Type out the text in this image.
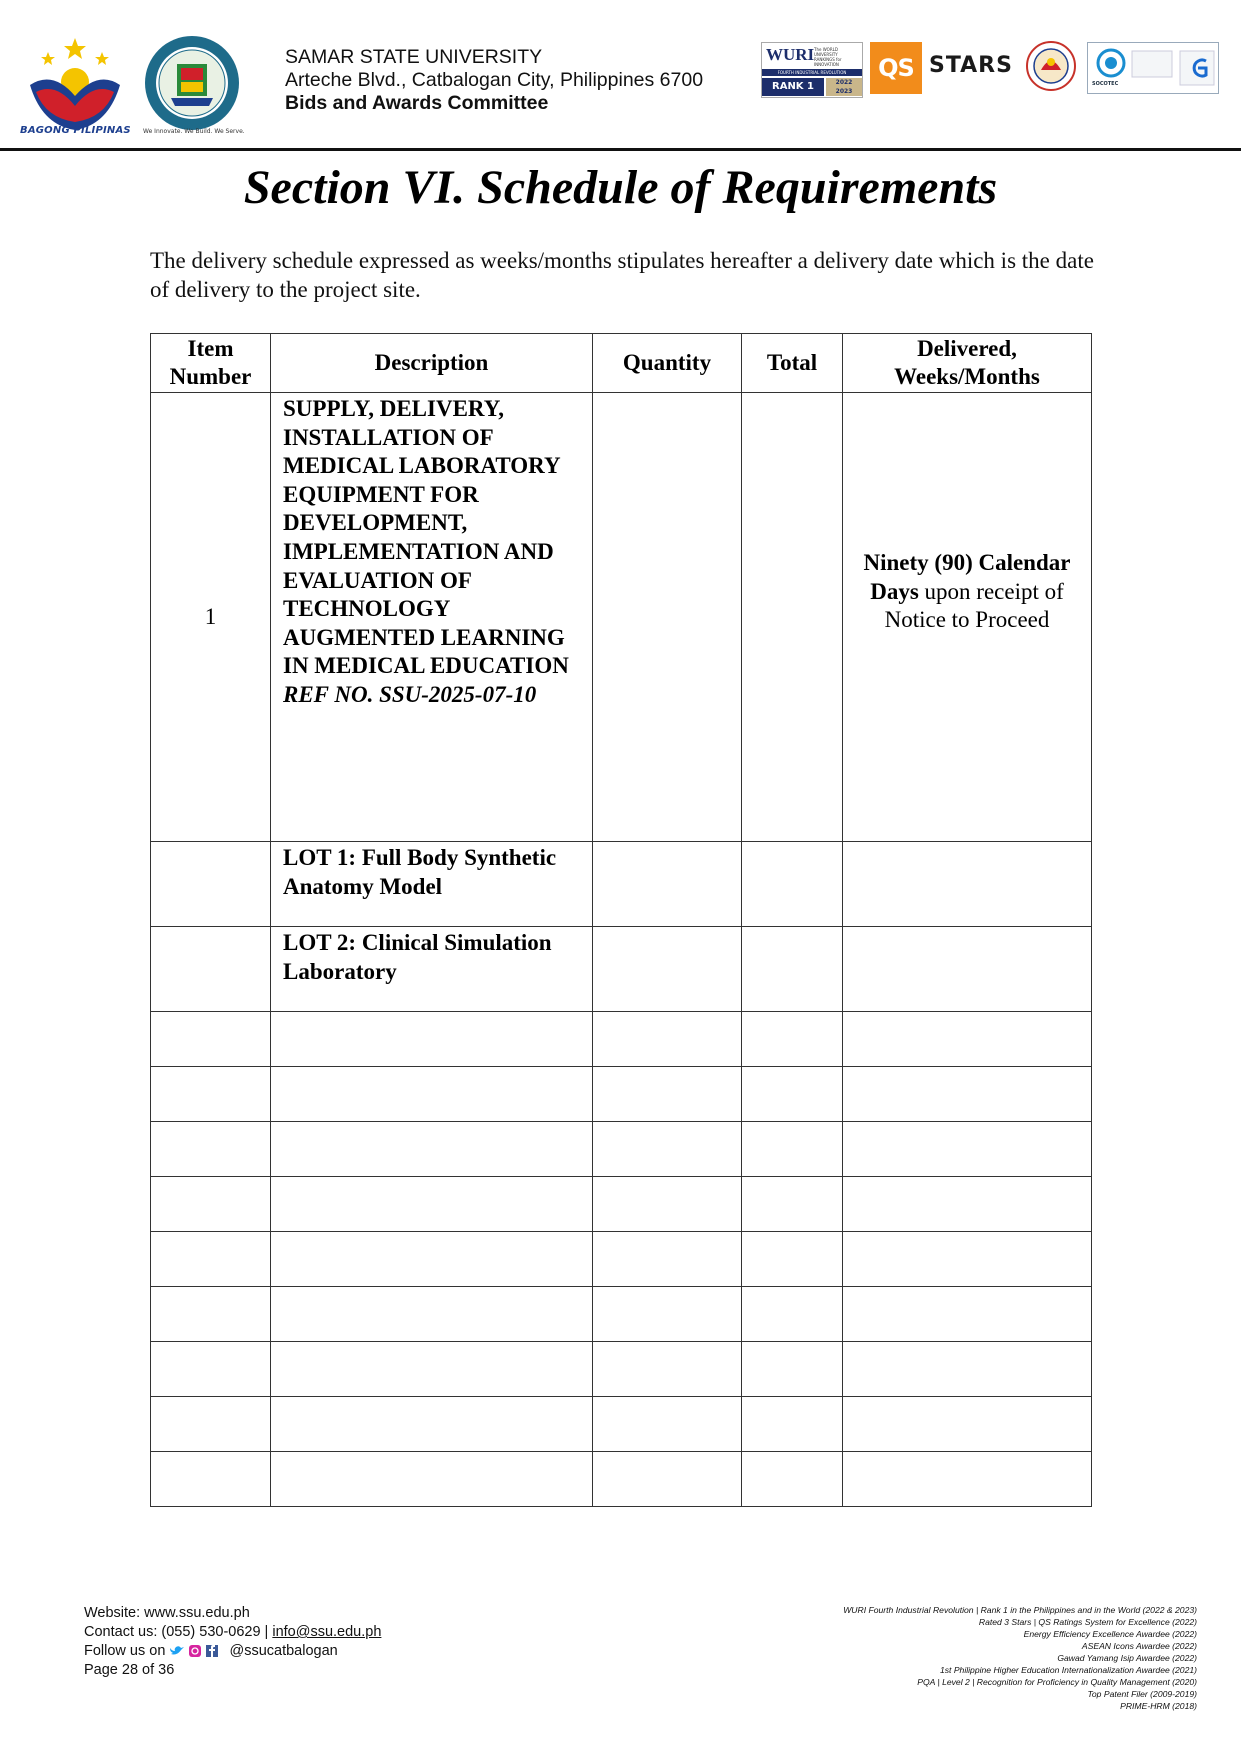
BAGONG PILIPINAS We Innovate. We Build. We Serve.
SAMAR STATE UNIVERSITY
Arteche Blvd., Catbalogan City, Philippines 6700
Bids and Awards Committee
WURI The WORLD UNIVERSITY RANKINGS for INNOVATION
FOURTH INDUSTRIAL REVOLUTION
RANK 1	2022
2023
QS STARS
SOCOTEC
Section VI. Schedule of Requirements
The delivery schedule expressed as weeks/months stipulates hereafter a delivery date which is the date of delivery to the project site.
Item Number	Description	Quantity	Total	Delivered, Weeks/Months
1	SUPPLY, DELIVERY, INSTALLATION OF MEDICAL LABORATORY EQUIPMENT FOR DEVELOPMENT, IMPLEMENTATION AND EVALUATION OF TECHNOLOGY AUGMENTED LEARNING IN MEDICAL EDUCATION REF NO. SSU-2025-07-10			Ninety (90) Calendar Days upon receipt of Notice to Proceed
	LOT 1: Full Body Synthetic Anatomy Model			
	LOT 2: Clinical Simulation Laboratory			

Website: www.ssu.edu.ph
Contact us: (055) 530-0629 | info@ssu.edu.ph
Follow us on	@ssucatbalogan
Page 28 of 36
WURI Fourth Industrial Revolution | Rank 1 in the Philippines and in the World (2022 & 2023)
Rated 3 Stars | QS Ratings System for Excellence (2022)
Energy Efficiency Excellence Awardee (2022)
ASEAN Icons Awardee (2022)
Gawad Yamang Isip Awardee (2022)
1st Philippine Higher Education Internationalization Awardee (2021)
PQA | Level 2 | Recognition for Proficiency in Quality Management (2020)
Top Patent Filer (2009-2019)
PRIME-HRM (2018)
